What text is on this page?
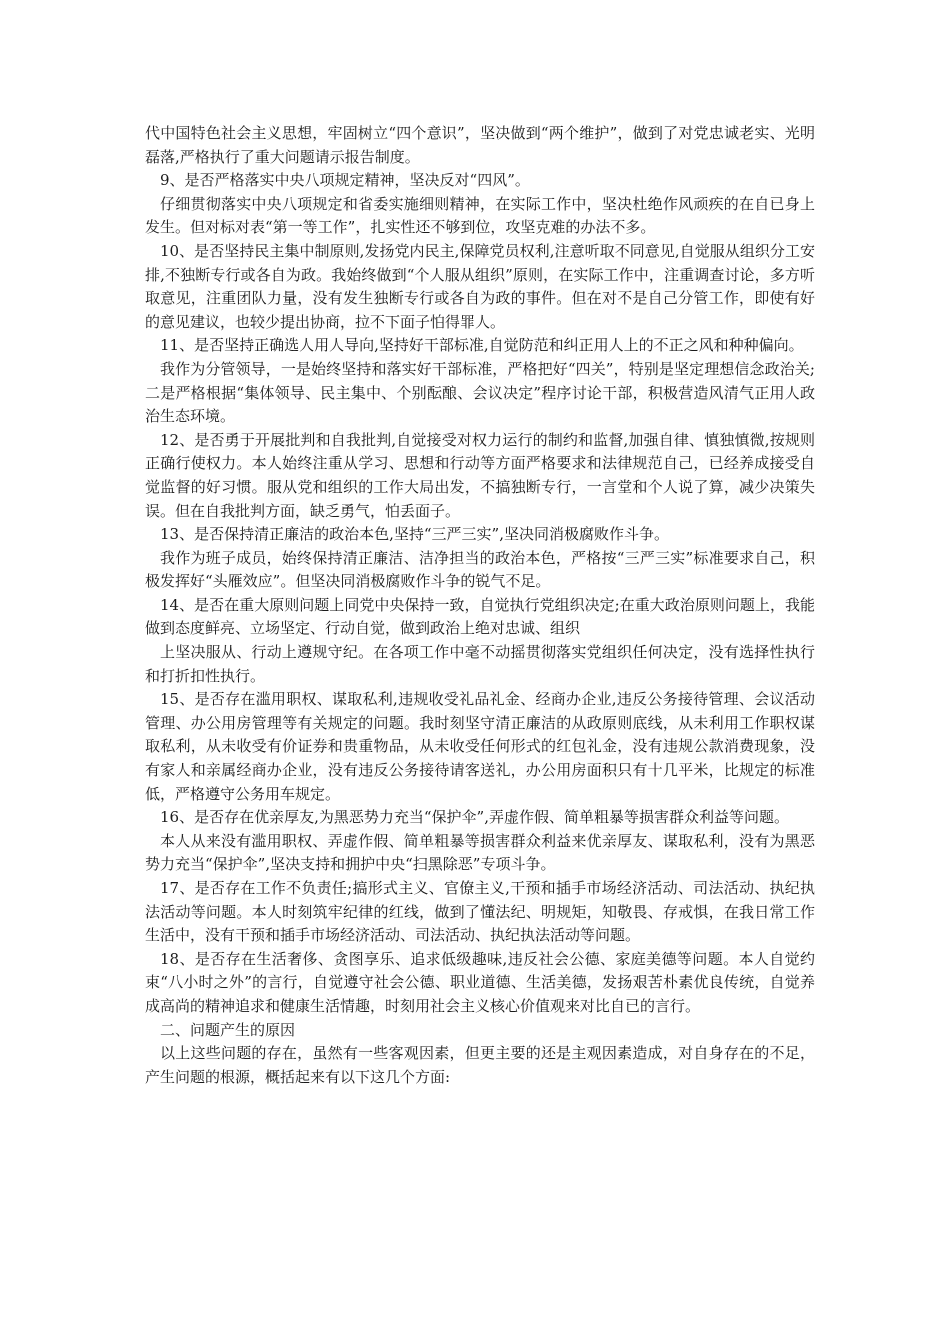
代中国特色社会主义思想，牢固树立“四个意识”，坚决做到“两个维护”，做到了对党忠诚老实、光明磊落,严格执行了重大问题请示报告制度。

9、是否严格落实中央八项规定精神，坚决反对“四风”。

仔细贯彻落实中央八项规定和省委实施细则精神，在实际工作中，坚决杜绝作风顽疾的在自已身上发生。但对标对表“第一等工作”，扎实性还不够到位，攻坚克难的办法不多。

10、是否坚持民主集中制原则,发扬党内民主,保障党员权利,注意听取不同意见,自觉服从组织分工安排,不独断专行或各自为政。我始终做到“个人服从组织”原则，在实际工作中，注重调查讨论，多方听取意见，注重团队力量，没有发生独断专行或各自为政的事件。但在对不是自己分管工作，即使有好的意见建议，也较少提出协商，拉不下面子怕得罪人。

11、是否坚持正确选人用人导向,坚持好干部标准,自觉防范和纠正用人上的不正之风和种种偏向。

我作为分管领导，一是始终坚持和落实好干部标准，严格把好“四关”，特别是坚定理想信念政治关;二是严格根据“集体领导、民主集中、个别酝酿、会议决定”程序讨论干部，积极营造风清气正用人政治生态环境。

12、是否勇于开展批判和自我批判,自觉接受对权力运行的制约和监督,加强自律、慎独慎微,按规则正确行使权力。本人始终注重从学习、思想和行动等方面严格要求和法律规范自己，已经养成接受自觉监督的好习惯。服从党和组织的工作大局出发，不搞独断专行，一言堂和个人说了算，减少决策失误。但在自我批判方面，缺乏勇气，怕丢面子。

13、是否保持清正廉洁的政治本色,坚持“三严三实”,坚决同消极腐败作斗争。

我作为班子成员，始终保持清正廉洁、洁净担当的政治本色，严格按“三严三实”标准要求自己，积极发挥好“头雁效应”。但坚决同消极腐败作斗争的锐气不足。

14、是否在重大原则问题上同党中央保持一致，自觉执行党组织决定;在重大政治原则问题上，我能做到态度鲜亮、立场坚定、行动自觉，做到政治上绝对忠诚、组织

上坚决服从、行动上遵规守纪。在各项工作中毫不动摇贯彻落实党组织任何决定，没有选择性执行和打折扣性执行。

15、是否存在滥用职权、谋取私利,违规收受礼品礼金、经商办企业,违反公务接待管理、会议活动管理、办公用房管理等有关规定的问题。我时刻坚守清正廉洁的从政原则底线，从未利用工作职权谋取私利，从未收受有价证券和贵重物品，从未收受任何形式的红包礼金，没有违规公款消费现象，没有家人和亲属经商办企业，没有违反公务接待请客送礼，办公用房面积只有十几平米，比规定的标准低，严格遵守公务用车规定。

16、是否存在优亲厚友,为黑恶势力充当“保护伞”,弄虚作假、简单粗暴等损害群众利益等问题。

本人从来没有滥用职权、弄虚作假、简单粗暴等损害群众利益来优亲厚友、谋取私利，没有为黑恶势力充当“保护伞”,坚决支持和拥护中央“扫黑除恶”专项斗争。

17、是否存在工作不负责任;搞形式主义、官僚主义,干预和插手市场经济活动、司法活动、执纪执法活动等问题。本人时刻筑牢纪律的红线，做到了懂法纪、明规矩，知敬畏、存戒惧，在我日常工作生活中，没有干预和插手市场经济活动、司法活动、执纪执法活动等问题。

18、是否存在生活奢侈、贪图享乐、追求低级趣味,违反社会公德、家庭美德等问题。本人自觉约束“八小时之外”的言行，自觉遵守社会公德、职业道德、生活美德，发扬艰苦朴素优良传统，自觉养成高尚的精神追求和健康生活情趣，时刻用社会主义核心价值观来对比自已的言行。

二、问题产生的原因

以上这些问题的存在，虽然有一些客观因素，但更主要的还是主观因素造成，对自身存在的不足，产生问题的根源，概括起来有以下这几个方面:
